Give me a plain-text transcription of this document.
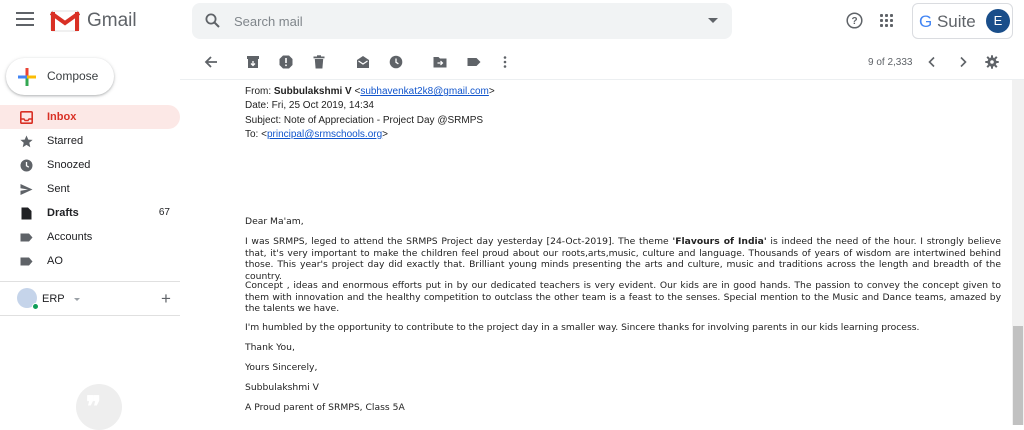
Gmail	Search mail	?	G Suite	E
Compose
Inbox
Starred
Snoozed
Sent
Drafts	67
Accounts
AO
ERP	+
❞
9 of 2,333
From: Subbulakshmi V <subhavenkat2k8@gmail.com>
Date: Fri, 25 Oct 2019, 14:34
Subject: Note of Appreciation - Project Day @SRMPS
To: <principal@srmschools.org>
Dear Ma'am,
I was SRMPS, leged to attend the SRMPS Project day yesterday [24-Oct-2019]. The theme 'Flavours of India' is indeed the need of the hour. I strongly believe that, it's very important to make the children feel proud about our roots,arts,music, culture and language. Thousands of years of wisdom are intertwined behind those. This year's project day did exactly that. Brilliant young minds presenting the arts and culture, music and traditions across the length and breadth of the country.
Concept , ideas and enormous efforts put in by our dedicated teachers is very evident. Our kids are in good hands. The passion to convey the concept given to them with innovation and the healthy competition to outclass the other team is a feast to the senses. Special mention to the Music and Dance teams, amazed by the talents we have.
I'm humbled by the opportunity to contribute to the project day in a smaller way. Sincere thanks for involving parents in our kids learning process.
Thank You,
Yours Sincerely,
Subbulakshmi V
A Proud parent of SRMPS, Class 5A
